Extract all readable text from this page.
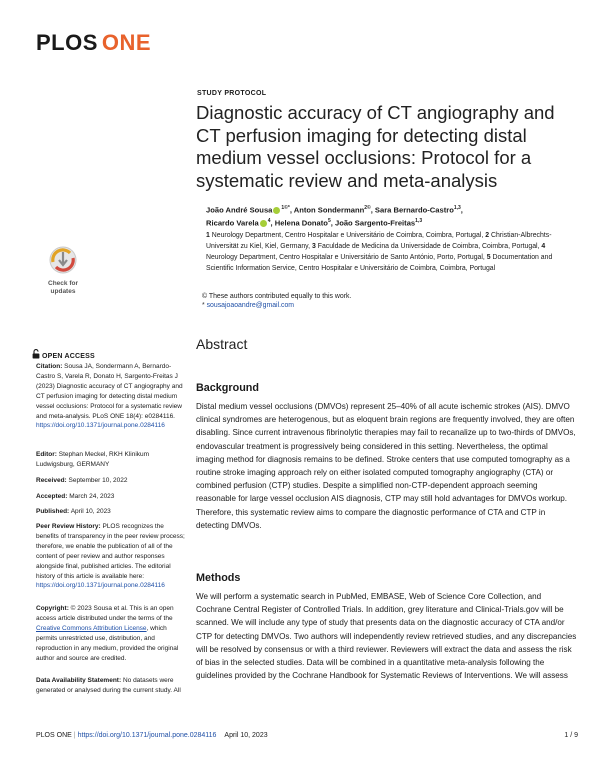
PLOS ONE
STUDY PROTOCOL
Diagnostic accuracy of CT angiography and CT perfusion imaging for detecting distal medium vessel occlusions: Protocol for a systematic review and meta-analysis
João André Sousa $^{1©*}$, Anton Sondermann$^{2©}$, Sara Bernardo-Castro$^{1,3}$,
Ricardo Varela $^4$, Helena Donato$^5$, João Sargento-Freitas$^{1,3}$
1 Neurology Department, Centro Hospitalar e Universitário de Coimbra, Coimbra, Portugal, 2 Christian-Albrechts-Universität zu Kiel, Kiel, Germany, 3 Faculdade de Medicina da Universidade de Coimbra, Coimbra, Portugal, 4 Neurology Department, Centro Hospitalar e Universitário de Santo António, Porto, Portugal, 5 Documentation and Scientific Information Service, Centro Hospitalar e Universitário de Coimbra, Coimbra, Portugal
© These authors contributed equally to this work.
* sousajoaoandre@gmail.com
Abstract
Background
Distal medium vessel occlusions (DMVOs) represent 25–40% of all acute ischemic strokes (AIS). DMVO clinical syndromes are heterogenous, but as eloquent brain regions are frequently involved, they are often disabling. Since current intravenous fibrinolytic therapies may fail to recanalize up to two-thirds of DMVOs, endovascular treatment is progressively being considered in this setting. Nevertheless, the optimal imaging method for diagnosis remains to be defined. Stroke centers that use computed tomography as a routine stroke imaging approach rely on either isolated computed tomography angiography (CTA) or combined perfusion (CTP) studies. Despite a simplified non-CTP-dependent approach seeming reasonable for large vessel occlusion AIS diagnosis, CTP may still hold advantages for DMVOs workup. Therefore, this systematic review aims to compare the diagnostic performance of CTA and CTP in detecting DMVOs.
Methods
We will perform a systematic search in PubMed, EMBASE, Web of Science Core Collection, and Cochrane Central Register of Controlled Trials. In addition, grey literature and Clinical-Trials.gov will be scanned. We will include any type of study that presents data on the diagnostic accuracy of CTA and/or CTP for detecting DMVOs. Two authors will independently review retrieved studies, and any discrepancies will be resolved by consensus or with a third reviewer. Reviewers will extract the data and assess the risk of bias in the selected studies. Data will be combined in a quantitative meta-analysis following the guidelines provided by the Cochrane Handbook for Systematic Reviews of Interventions. We will assess
Check for
updates
OPEN ACCESS
Citation: Sousa JA, Sondermann A, Bernardo-Castro S, Varela R, Donato H, Sargento-Freitas J (2023) Diagnostic accuracy of CT angiography and CT perfusion imaging for detecting distal medium vessel occlusions: Protocol for a systematic review and meta-analysis. PLoS ONE 18(4): e0284116. https://doi.org/10.1371/journal.pone.0284116
Editor: Stephan Meckel, RKH Klinikum Ludwigsburg, GERMANY
Received: September 10, 2022
Accepted: March 24, 2023
Published: April 10, 2023
Peer Review History: PLOS recognizes the benefits of transparency in the peer review process; therefore, we enable the publication of all of the content of peer review and author responses alongside final, published articles. The editorial history of this article is available here: https://doi.org/10.1371/journal.pone.0284116
Copyright: © 2023 Sousa et al. This is an open access article distributed under the terms of the Creative Commons Attribution License, which permits unrestricted use, distribution, and reproduction in any medium, provided the original author and source are credited.
Data Availability Statement: No datasets were generated or analysed during the current study. All
PLOS ONE | https://doi.org/10.1371/journal.pone.0284116 April 10, 2023	1 / 9
